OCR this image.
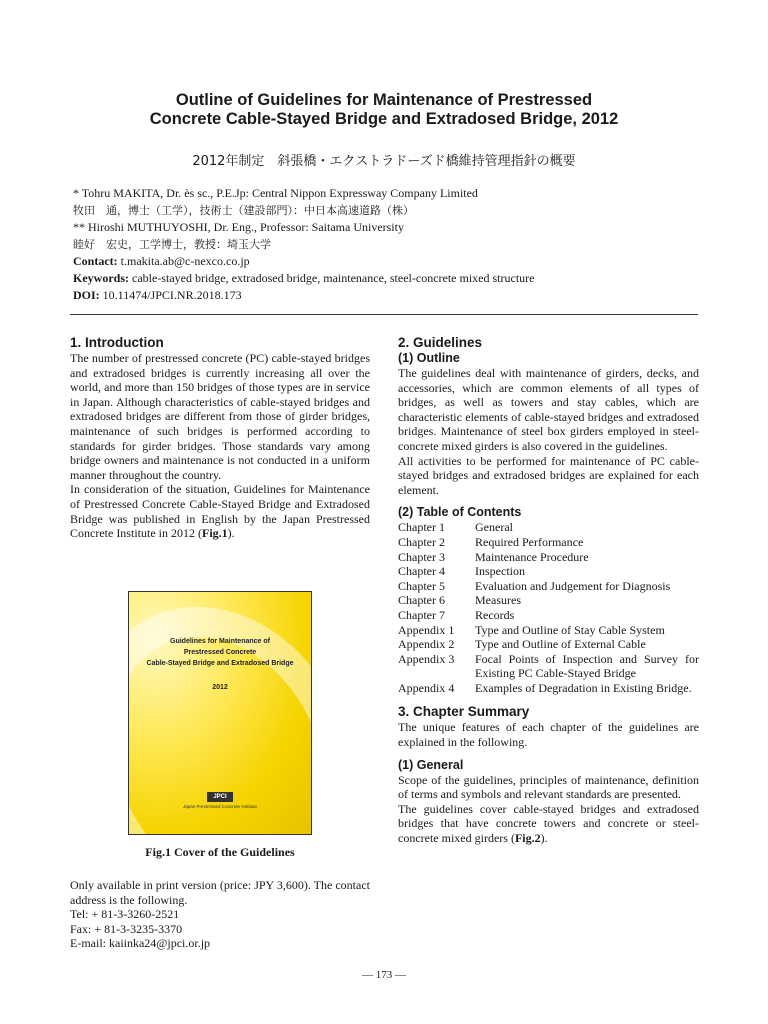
Outline of Guidelines for Maintenance of Prestressed
Concrete Cable-Stayed Bridge and Extradosed Bridge, 2012
2012年制定　斜張橋・エクストラドーズド橋維持管理指針の概要
* Tohru MAKITA, Dr. ès sc., P.E.Jp: Central Nippon Expressway Company Limited
牧田　通，博士（工学），技術士（建設部門）：中日本高速道路（株）
** Hiroshi MUTHUYOSHI, Dr. Eng., Professor: Saitama University
睦好　宏史，工学博士，教授：埼玉大学
Contact: t.makita.ab@c-nexco.co.jp
Keywords: cable-stayed bridge, extradosed bridge, maintenance, steel-concrete mixed structure
DOI: 10.11474/JPCI.NR.2018.173
1. Introduction

The number of prestressed concrete (PC) cable-stayed bridges and extradosed bridges is currently increasing all over the world, and more than 150 bridges of those types are in service in Japan. Although characteristics of cable-stayed bridges and extradosed bridges are different from those of girder bridges, maintenance of such bridges is performed according to standards for girder bridges. Those standards vary among bridge owners and maintenance is not conducted in a uniform manner throughout the country.

In consideration of the situation, Guidelines for Maintenance of Prestressed Concrete Cable-Stayed Bridge and Extradosed Bridge was published in English by the Japan Prestressed Concrete Institute in 2012 (Fig.1).

Guidelines for Maintenance of
Prestressed Concrete
Cable-Stayed Bridge and Extradosed Bridge
2012
JPCI
Japan Prestressed Concrete Institute
Fig.1 Cover of the Guidelines

Only available in print version (price: JPY 3,600). The contact address is the following.

Tel: + 81-3-3260-2521
Fax: + 81-3-3235-3370
E-mail: kaiinka24@jpci.or.jp
2. Guidelines
(1) Outline

The guidelines deal with maintenance of girders, decks, and accessories, which are common elements of all types of bridges, as well as towers and stay cables, which are characteristic elements of cable-stayed bridges and extradosed bridges. Maintenance of steel box girders employed in steel-concrete mixed girders is also covered in the guidelines.

All activities to be performed for maintenance of PC cable-stayed bridges and extradosed bridges are explained for each element.

(2) Table of Contents
Chapter 1	General
Chapter 2	Required Performance
Chapter 3	Maintenance Procedure
Chapter 4	Inspection
Chapter 5	Evaluation and Judgement for Diagnosis
Chapter 6	Measures
Chapter 7	Records
Appendix 1	Type and Outline of Stay Cable System
Appendix 2	Type and Outline of External Cable
Appendix 3	Focal Points of Inspection and Survey for Existing PC Cable-Stayed Bridge
Appendix 4	Examples of Degradation in Existing Bridge.
3. Chapter Summary

The unique features of each chapter of the guidelines are explained in the following.

(1) General

Scope of the guidelines, principles of maintenance, definition of terms and symbols and relevant standards are presented.

The guidelines cover cable-stayed bridges and extradosed bridges that have concrete towers and concrete or steel-concrete mixed girders (Fig.2).

— 173 —
